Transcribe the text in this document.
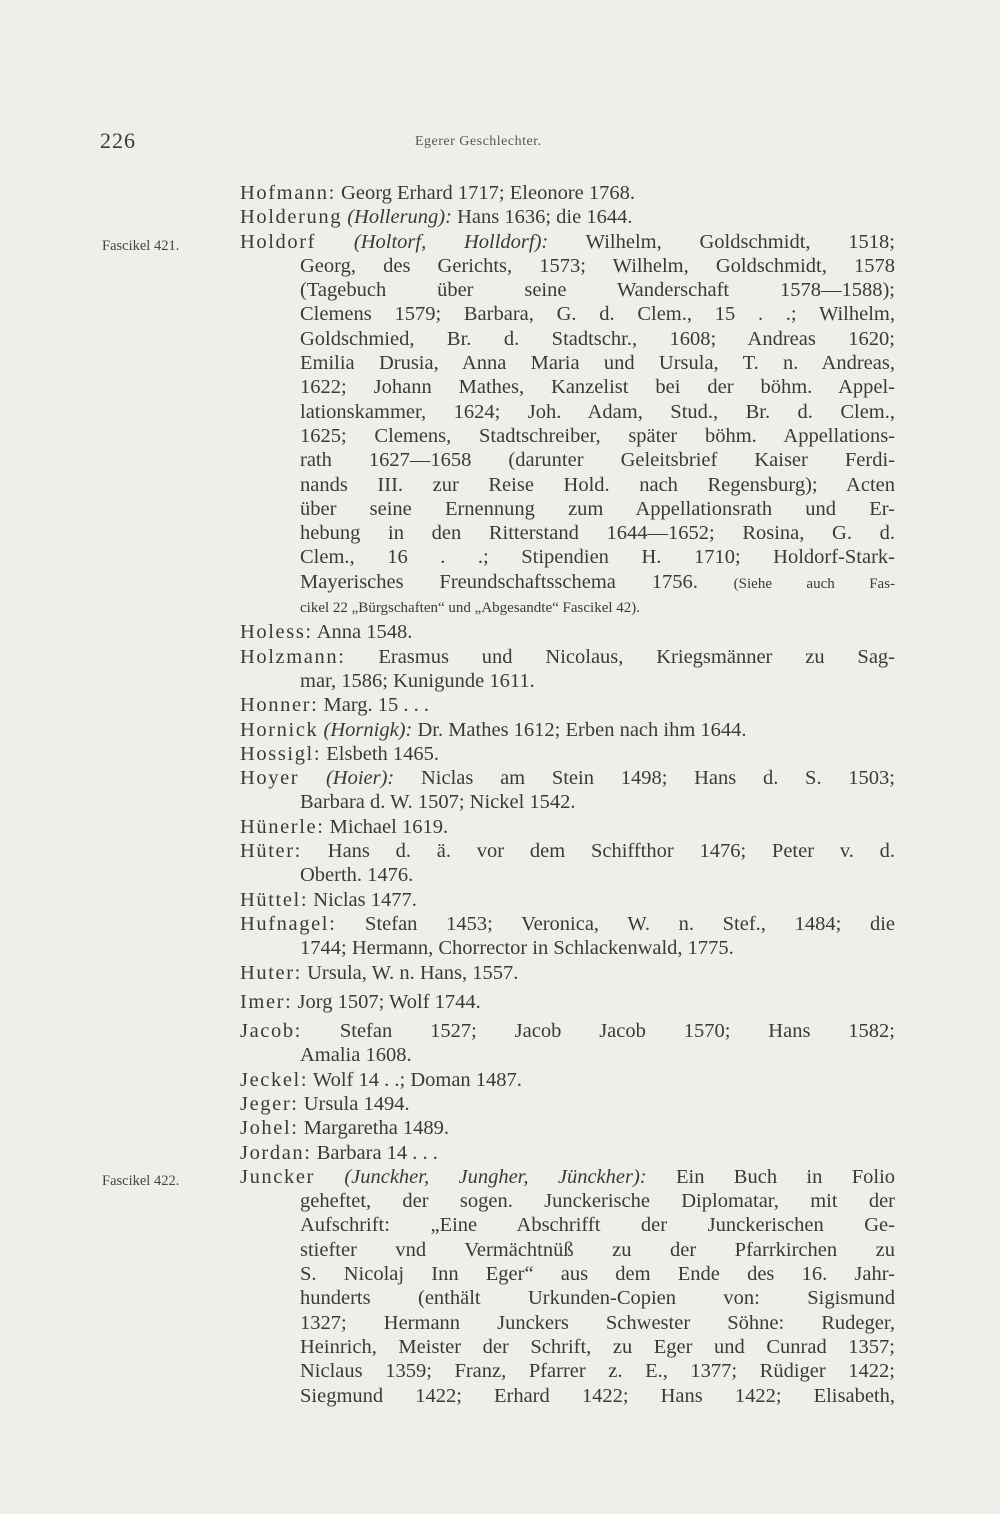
226	Egerer Geschlechter.
Hofmann: Georg Erhard 1717; Eleonore 1768.
Holderung (Hollerung): Hans 1636; die 1644.
Fascikel 421.	Holdorf (Holtorf, Holldorf): Wilhelm, Goldschmidt, 1518;
Georg, des Gerichts, 1573; Wilhelm, Goldschmidt, 1578
(Tagebuch über seine Wanderschaft 1578—1588);
Clemens 1579; Barbara, G. d. Clem., 15 . .; Wilhelm,
Goldschmied, Br. d. Stadtschr., 1608; Andreas 1620;
Emilia Drusia, Anna Maria und Ursula, T. n. Andreas,
1622; Johann Mathes, Kanzelist bei der böhm. Appel-
lationskammer, 1624; Joh. Adam, Stud., Br. d. Clem.,
1625; Clemens, Stadtschreiber, später böhm. Appellations-
rath 1627—1658 (darunter Geleitsbrief Kaiser Ferdi-
nands III. zur Reise Hold. nach Regensburg); Acten
über seine Ernennung zum Appellationsrath und Er-
hebung in den Ritterstand 1644—1652; Rosina, G. d.
Clem., 16 . .; Stipendien H. 1710; Holdorf-Stark-
Mayerisches Freundschaftsschema 1756. (Siehe auch Fas-
cikel 22 „Bürgschaften“ und „Abgesandte“ Fascikel 42).
Holess: Anna 1548.
Holzmann: Erasmus und Nicolaus, Kriegsmänner zu Sag-
mar, 1586; Kunigunde 1611.
Honner: Marg. 15 . . .
Hornick (Hornigk): Dr. Mathes 1612; Erben nach ihm 1644.
Hossigl: Elsbeth 1465.
Hoyer (Hoier): Niclas am Stein 1498; Hans d. S. 1503;
Barbara d. W. 1507; Nickel 1542.
Hünerle: Michael 1619.
Hüter: Hans d. ä. vor dem Schiffthor 1476; Peter v. d.
Oberth. 1476.
Hüttel: Niclas 1477.
Hufnagel: Stefan 1453; Veronica, W. n. Stef., 1484; die
1744; Hermann, Chorrector in Schlackenwald, 1775.
Huter: Ursula, W. n. Hans, 1557.
Imer: Jorg 1507; Wolf 1744.
Jacob: Stefan 1527; Jacob Jacob 1570; Hans 1582;
Amalia 1608.
Jeckel: Wolf 14 . .; Doman 1487.
Jeger: Ursula 1494.
Johel: Margaretha 1489.
Jordan: Barbara 14 . . .
Fascikel 422.	Juncker (Junckher, Jungher, Jünckher): Ein Buch in Folio
geheftet, der sogen. Junckerische Diplomatar, mit der
Aufschrift: „Eine Abschrifft der Junckerischen Ge-
stiefter vnd Vermächtnüß zu der Pfarrkirchen zu
S. Nicolaj Inn Eger“ aus dem Ende des 16. Jahr-
hunderts (enthält Urkunden-Copien von: Sigismund
1327; Hermann Junckers Schwester Söhne: Rudeger,
Heinrich, Meister der Schrift, zu Eger und Cunrad 1357;
Niclaus 1359; Franz, Pfarrer z. E., 1377; Rüdiger 1422;
Siegmund 1422; Erhard 1422; Hans 1422; Elisabeth,
